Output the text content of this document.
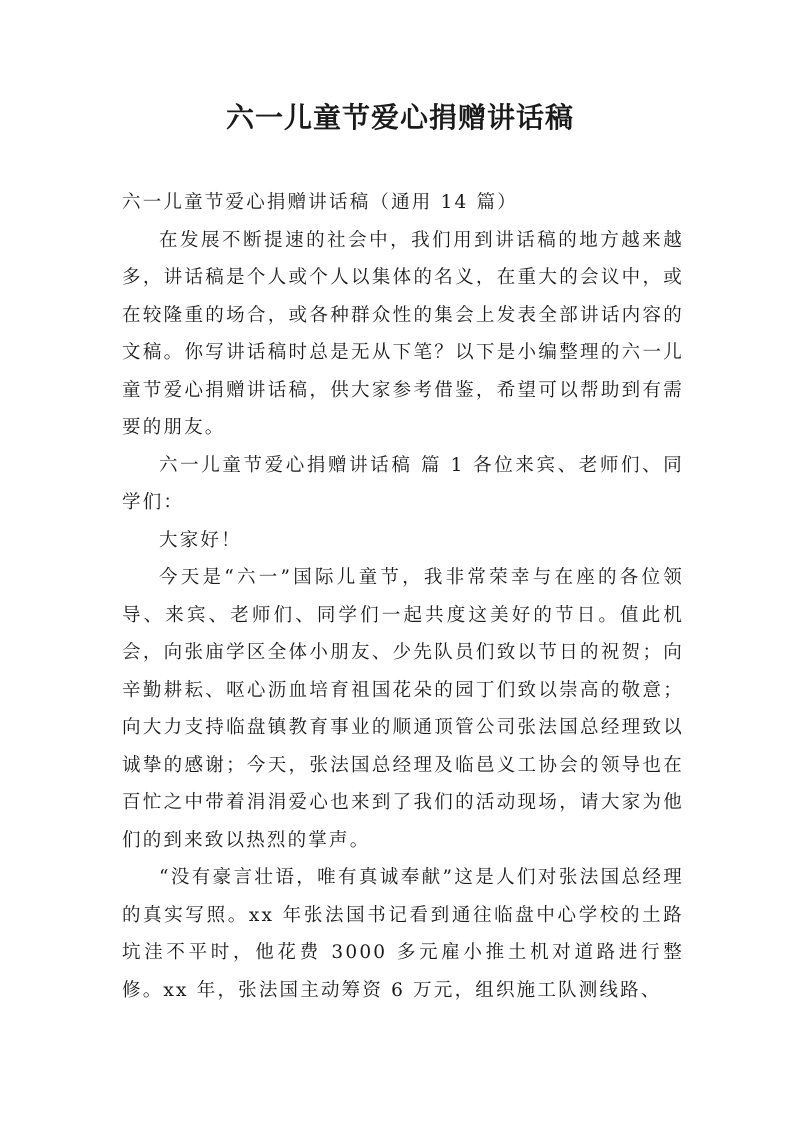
六一儿童节爱心捐赠讲话稿

六一儿童节爱心捐赠讲话稿（通用 14 篇）

在发展不断提速的社会中，我们用到讲话稿的地方越来越多，讲话稿是个人或个人以集体的名义，在重大的会议中，或在较隆重的场合，或各种群众性的集会上发表全部讲话内容的文稿。你写讲话稿时总是无从下笔？以下是小编整理的六一儿童节爱心捐赠讲话稿，供大家参考借鉴，希望可以帮助到有需要的朋友。

六一儿童节爱心捐赠讲话稿 篇 1 各位来宾、老师们、同学们：

大家好！

今天是“六一”国际儿童节，我非常荣幸与在座的各位领导、来宾、老师们、同学们一起共度这美好的节日。值此机会，向张庙学区全体小朋友、少先队员们致以节日的祝贺；向辛勤耕耘、呕心沥血培育祖国花朵的园丁们致以崇高的敬意；向大力支持临盘镇教育事业的顺通顶管公司张法国总经理致以诚挚的感谢；今天，张法国总经理及临邑义工协会的领导也在百忙之中带着涓涓爱心也来到了我们的活动现场，请大家为他们的到来致以热烈的掌声。

“没有豪言壮语，唯有真诚奉献”这是人们对张法国总经理的真实写照。xx 年张法国书记看到通往临盘中心学校的土路坑洼不平时，他花费 3000 多元雇小推土机对道路进行整修。xx 年，张法国主动筹资 6 万元，组织施工队测线路、
